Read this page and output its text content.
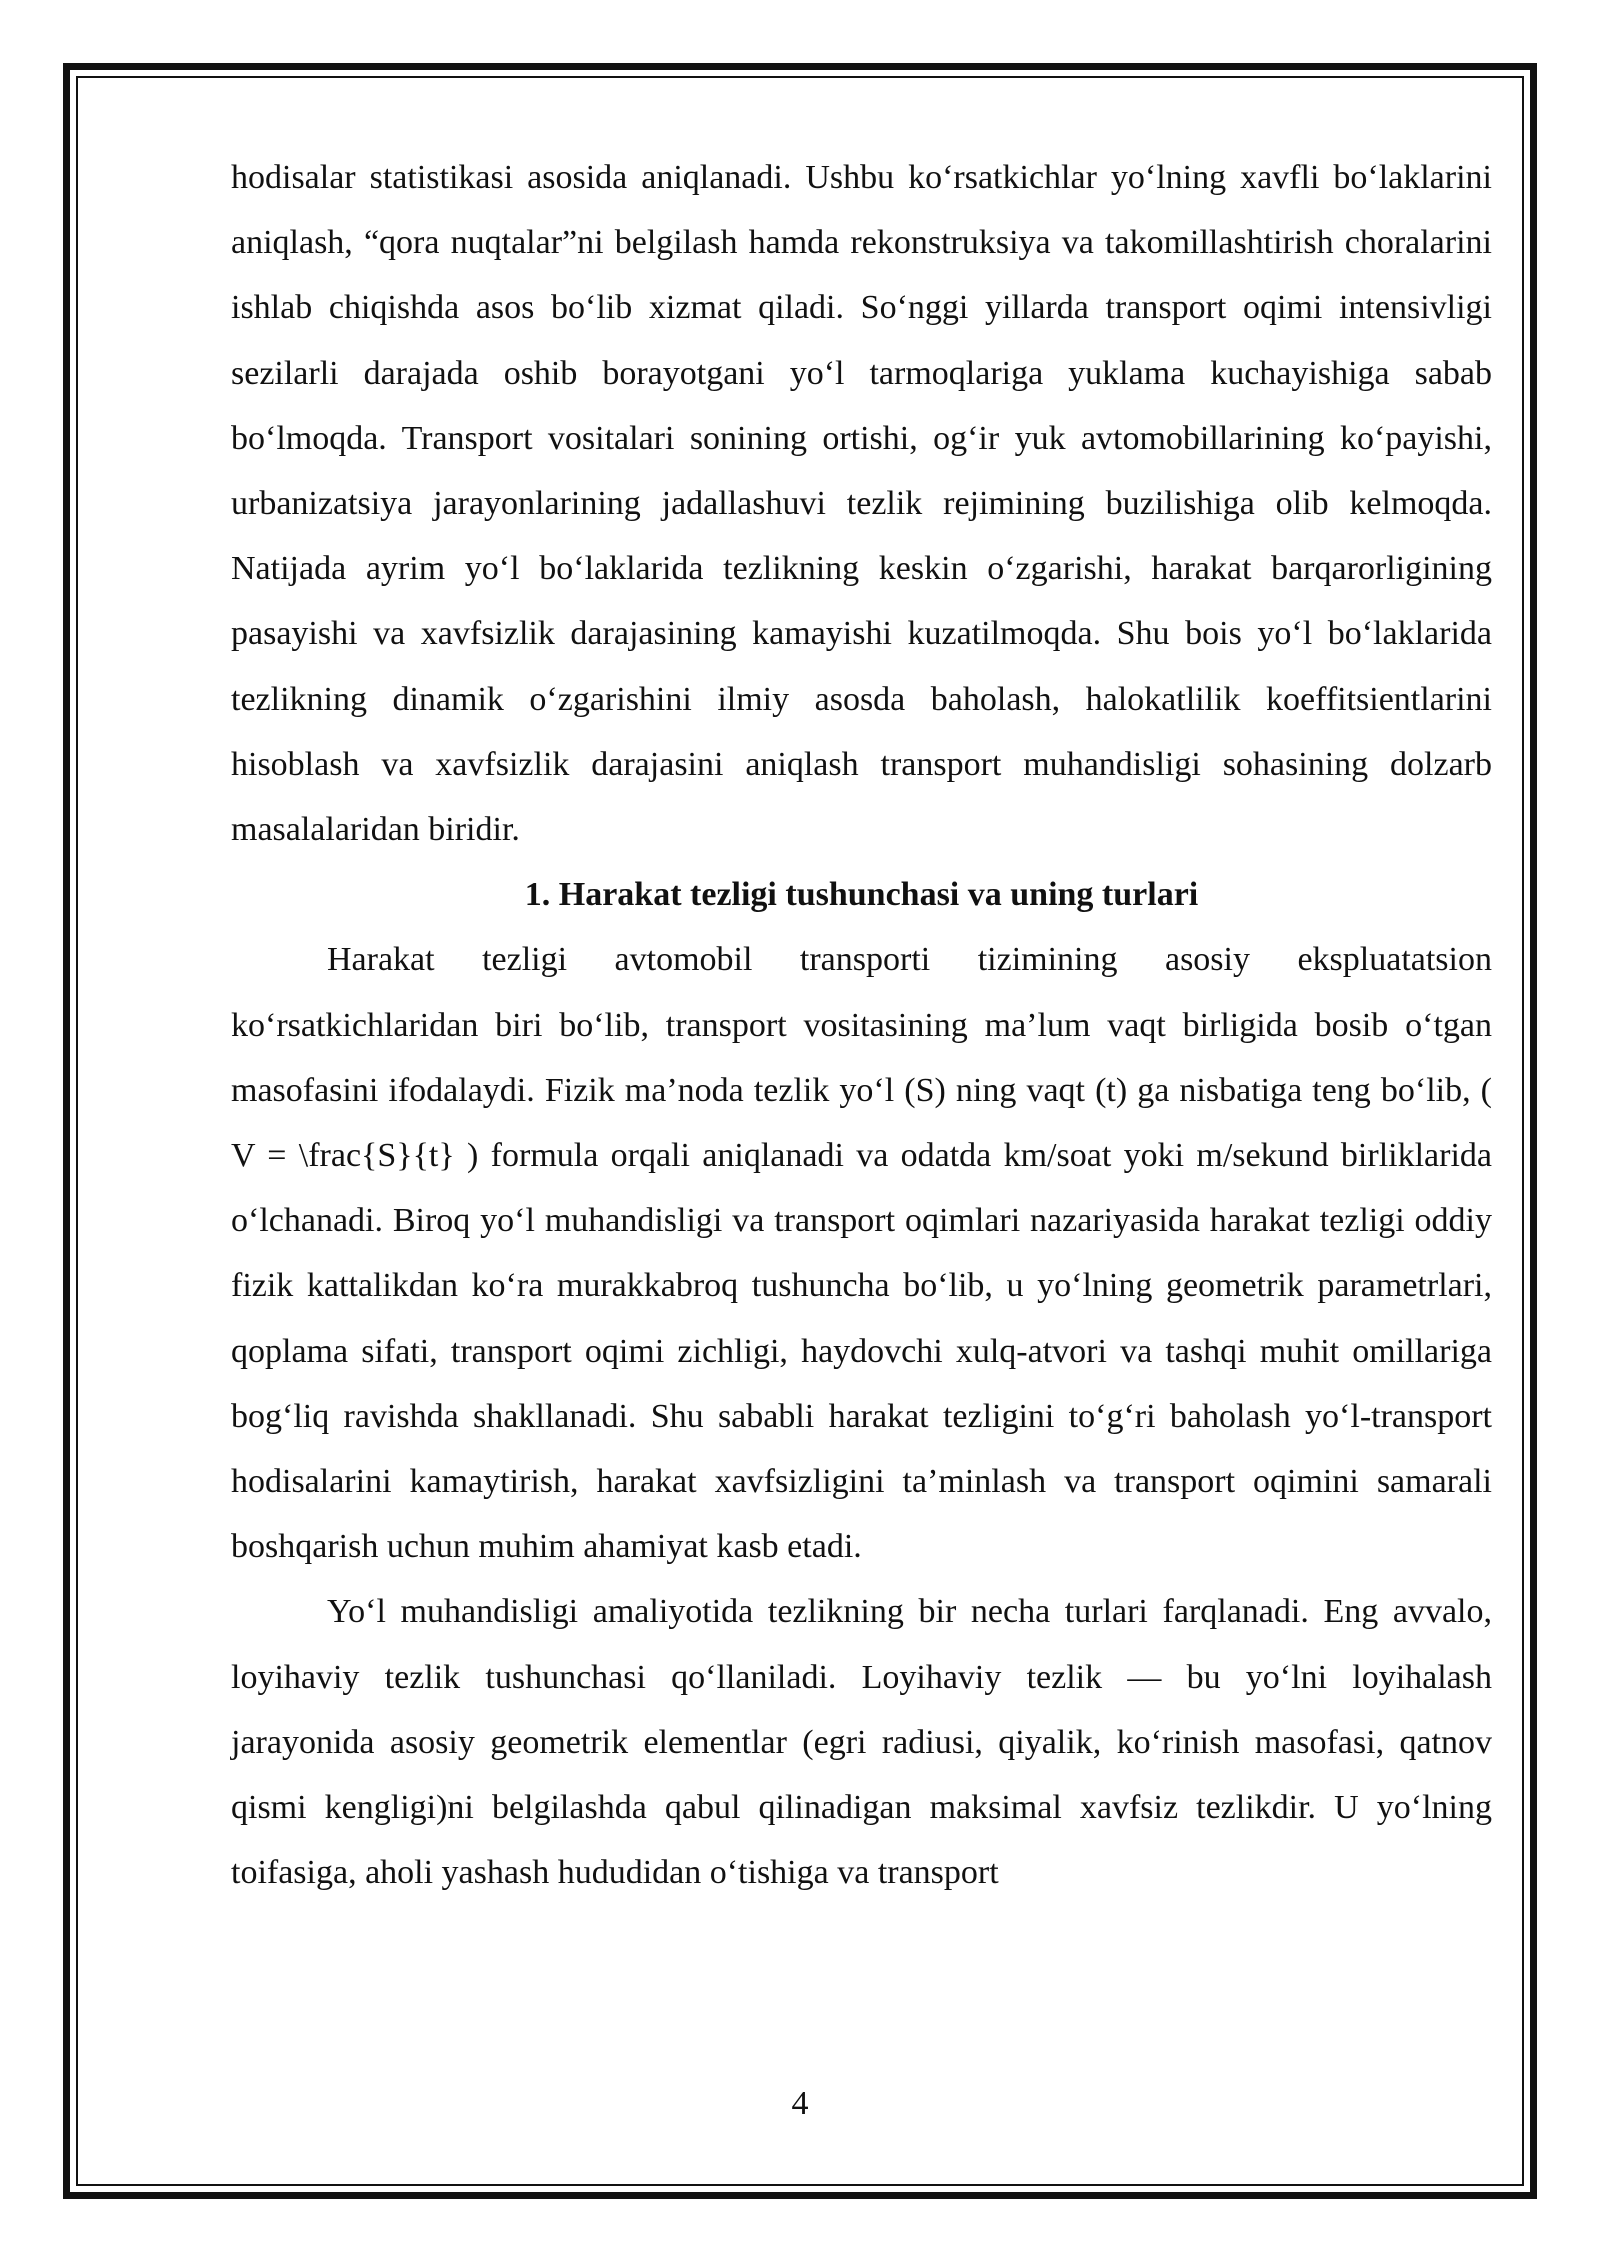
hodisalar statistikasi asosida aniqlanadi. Ushbu ko‘rsatkichlar yo‘lning xavfli bo‘laklarini aniqlash, “qora nuqtalar”ni belgilash hamda rekonstruksiya va takomillashtirish choralarini ishlab chiqishda asos bo‘lib xizmat qiladi. So‘nggi yillarda transport oqimi intensivligi sezilarli darajada oshib borayotgani yo‘l tarmoqlariga yuklama kuchayishiga sabab bo‘lmoqda. Transport vositalari sonining ortishi, og‘ir yuk avtomobillarining ko‘payishi, urbanizatsiya jarayonlarining jadallashuvi tezlik rejimining buzilishiga olib kelmoqda. Natijada ayrim yo‘l bo‘laklarida tezlikning keskin o‘zgarishi, harakat barqarorligining pasayishi va xavfsizlik darajasining kamayishi kuzatilmoqda. Shu bois yo‘l bo‘laklarida tezlikning dinamik o‘zgarishini ilmiy asosda baholash, halokatlilik koeffitsientlarini hisoblash va xavfsizlik darajasini aniqlash transport muhandisligi sohasining dolzarb masalalaridan biridir.

1. Harakat tezligi tushunchasi va uning turlari

Harakat tezligi avtomobil transporti tizimining asosiy ekspluatatsion ko‘rsatkichlaridan biri bo‘lib, transport vositasining ma’lum vaqt birligida bosib o‘tgan masofasini ifodalaydi. Fizik ma’noda tezlik yo‘l (S) ning vaqt (t) ga nisbatiga teng bo‘lib, ( V = \frac{S}{t} ) formula orqali aniqlanadi va odatda km/soat yoki m/sekund birliklarida o‘lchanadi. Biroq yo‘l muhandisligi va transport oqimlari nazariyasida harakat tezligi oddiy fizik kattalikdan ko‘ra murakkabroq tushuncha bo‘lib, u yo‘lning geometrik parametrlari, qoplama sifati, transport oqimi zichligi, haydovchi xulq-atvori va tashqi muhit omillariga bog‘liq ravishda shakllanadi. Shu sababli harakat tezligini to‘g‘ri baholash yo‘l-transport hodisalarini kamaytirish, harakat xavfsizligini ta’minlash va transport oqimini samarali boshqarish uchun muhim ahamiyat kasb etadi.

Yo‘l muhandisligi amaliyotida tezlikning bir necha turlari farqlanadi. Eng avvalo, loyihaviy tezlik tushunchasi qo‘llaniladi. Loyihaviy tezlik — bu yo‘lni loyihalash jarayonida asosiy geometrik elementlar (egri radiusi, qiyalik, ko‘rinish masofasi, qatnov qismi kengligi)ni belgilashda qabul qilinadigan maksimal xavfsiz tezlikdir. U yo‘lning toifasiga, aholi yashash hududidan o‘tishiga va transport

4
